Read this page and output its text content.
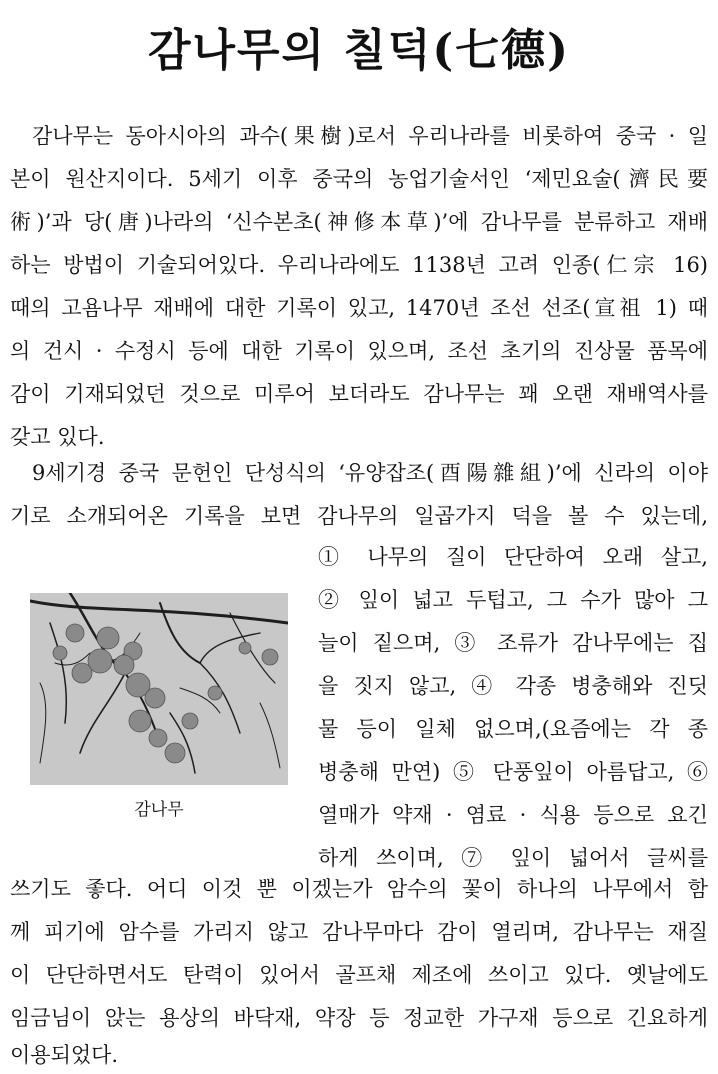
감나무의 칠덕(七德)
감나무는 동아시아의 과수(果樹)로서 우리나라를 비롯하여 중국 · 일
본이 원산지이다. 5세기 이후 중국의 농업기술서인 ‘제민요술(濟民要
術)’과 당(唐)나라의 ‘신수본초(神修本草)’에 감나무를 분류하고 재배
하는 방법이 기술되어있다. 우리나라에도 1138년 고려 인종(仁宗 16)
때의 고욤나무 재배에 대한 기록이 있고, 1470년 조선 선조(宣祖 1) 때
의 건시 · 수정시 등에 대한 기록이 있으며, 조선 초기의 진상물 품목에
감이 기재되었던 것으로 미루어 보더라도 감나무는 꽤 오랜 재배역사를
갖고 있다.
9세기경 중국 문헌인 단성식의 ‘유양잡조(酉陽雜組)’에 신라의 이야
기로 소개되어온 기록을 보면 감나무의 일곱가지 덕을 볼 수 있는데,
① 나무의 질이 단단하여 오래 살고,
② 잎이 넓고 두텁고, 그 수가 많아 그
늘이 짙으며, ③ 조류가 감나무에는 집
을 짓지 않고, ④ 각종 병충해와 진딧
물 등이 일체 없으며,(요즘에는 각 종
병충해 만연) ⑤ 단풍잎이 아름답고, ⑥
열매가 약재 · 염료 · 식용 등으로 요긴
하게 쓰이며, ⑦ 잎이 넓어서 글씨를
쓰기도 좋다. 어디 이것 뿐 이겠는가 암수의 꽃이 하나의 나무에서 함
께 피기에 암수를 가리지 않고 감나무마다 감이 열리며, 감나무는 재질
이 단단하면서도 탄력이 있어서 골프채 제조에 쓰이고 있다. 옛날에도
임금님이 앉는 용상의 바닥재, 약장 등 정교한 가구재 등으로 긴요하게
이용되었다.
감나무
